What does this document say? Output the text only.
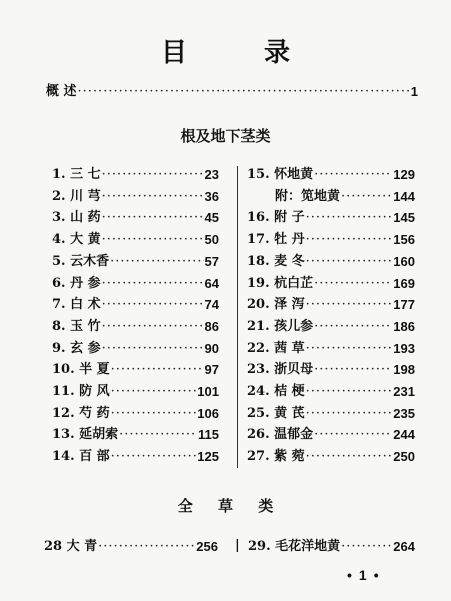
目 录
概 述 ·····	1
根及地下茎类
1. 三 七 ·····	23
2. 川 芎 ·····	36
3. 山 药 ·····	45
4. 大 黄 ·····	50
5. 云木香 ·····	57
6. 丹 参 ·····	64
7. 白 术 ·····	74
8. 玉 竹 ·····	86
9. 玄 参 ·····	90
10. 半 夏 ·····	97
11. 防 风 ·····	101
12. 芍 药 ·····	106
13. 延胡索 ·····	115
14. 百 部 ·····	125
15. 怀地黄 ·····	129
附：笕地黄 ·····	144
16. 附 子 ·····	145
17. 牡 丹 ·····	156
18. 麦 冬 ·····	160
19. 杭白芷 ·····	169
20. 泽 泻 ·····	177
21. 孩儿参 ·····	186
22. 茜 草 ·····	193
23. 浙贝母 ·····	198
24. 桔 梗 ·····	231
25. 黄 芪 ·····	235
26. 温郁金 ·····	244
27. 紫 菀 ·····	250
全 草 类
28 大 青 ·····	256 | 29. 毛花洋地黄 ·····	264
• 1 •
